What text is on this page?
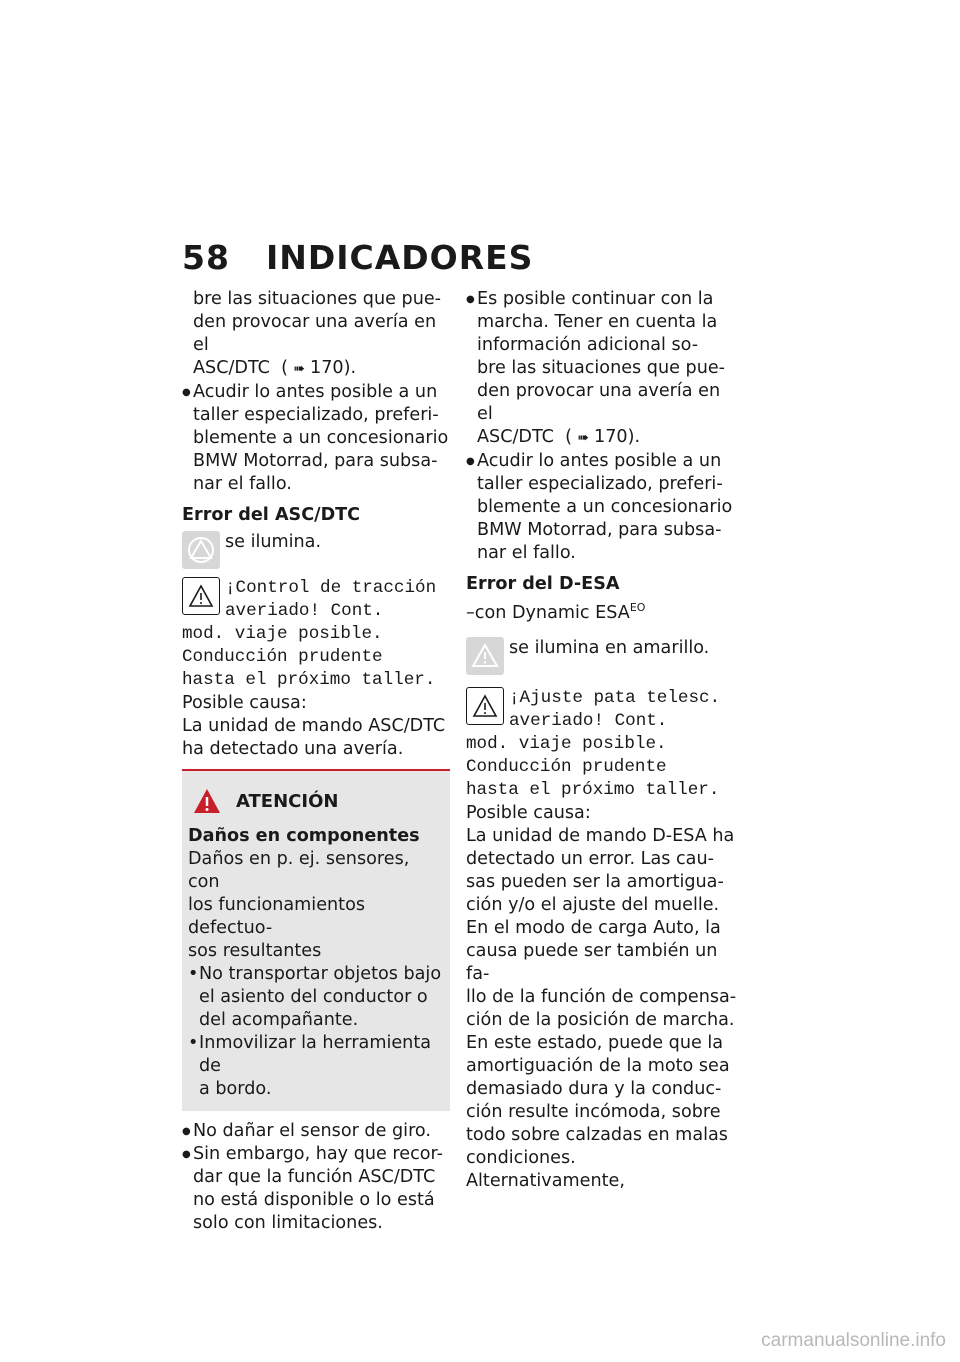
58 INDICADORES

bre las situaciones que pue-

den provocar una avería en el

ASC/DTC  ( ➠ 170).

● Acudir lo antes posible a un

taller especializado, preferi-

blemente a un concesionario

BMW Motorrad, para subsa-

nar el fallo.

Error del ASC/DTC

se ilumina.

¡Control de tracción

averiado! Cont.

mod. viaje posible.

Conducción prudente

hasta el próximo taller.

Posible causa:

La unidad de mando ASC/DTC

ha detectado una avería.

ATENCIÓN

Daños en componentes

Daños en p. ej. sensores, con

los funcionamientos defectuo-

sos resultantes

• No transportar objetos bajo

el asiento del conductor o

del acompañante.

• Inmovilizar la herramienta de

a bordo.

● No dañar el sensor de giro.

● Sin embargo, hay que recor-

dar que la función ASC/DTC

no está disponible o lo está

solo con limitaciones.

● Es posible continuar con la

marcha. Tener en cuenta la

información adicional so-

bre las situaciones que pue-

den provocar una avería en el

ASC/DTC  ( ➠ 170).

● Acudir lo antes posible a un

taller especializado, preferi-

blemente a un concesionario

BMW Motorrad, para subsa-

nar el fallo.

Error del D-ESA

–con Dynamic $ESA^{EO}$

se ilumina en amarillo.

¡Ajuste pata telesc.

averiado! Cont.

mod. viaje posible.

Conducción prudente

hasta el próximo taller.

Posible causa:

La unidad de mando D-ESA ha

detectado un error. Las cau-

sas pueden ser la amortigua-

ción y/o el ajuste del muelle.

En el modo de carga Auto, la

causa puede ser también un fa-

llo de la función de compensa-

ción de la posición de marcha.

En este estado, puede que la

amortiguación de la moto sea

demasiado dura y la conduc-

ción resulte incómoda, sobre

todo sobre calzadas en malas

condiciones. Alternativamente,

carmanualsonline.info
